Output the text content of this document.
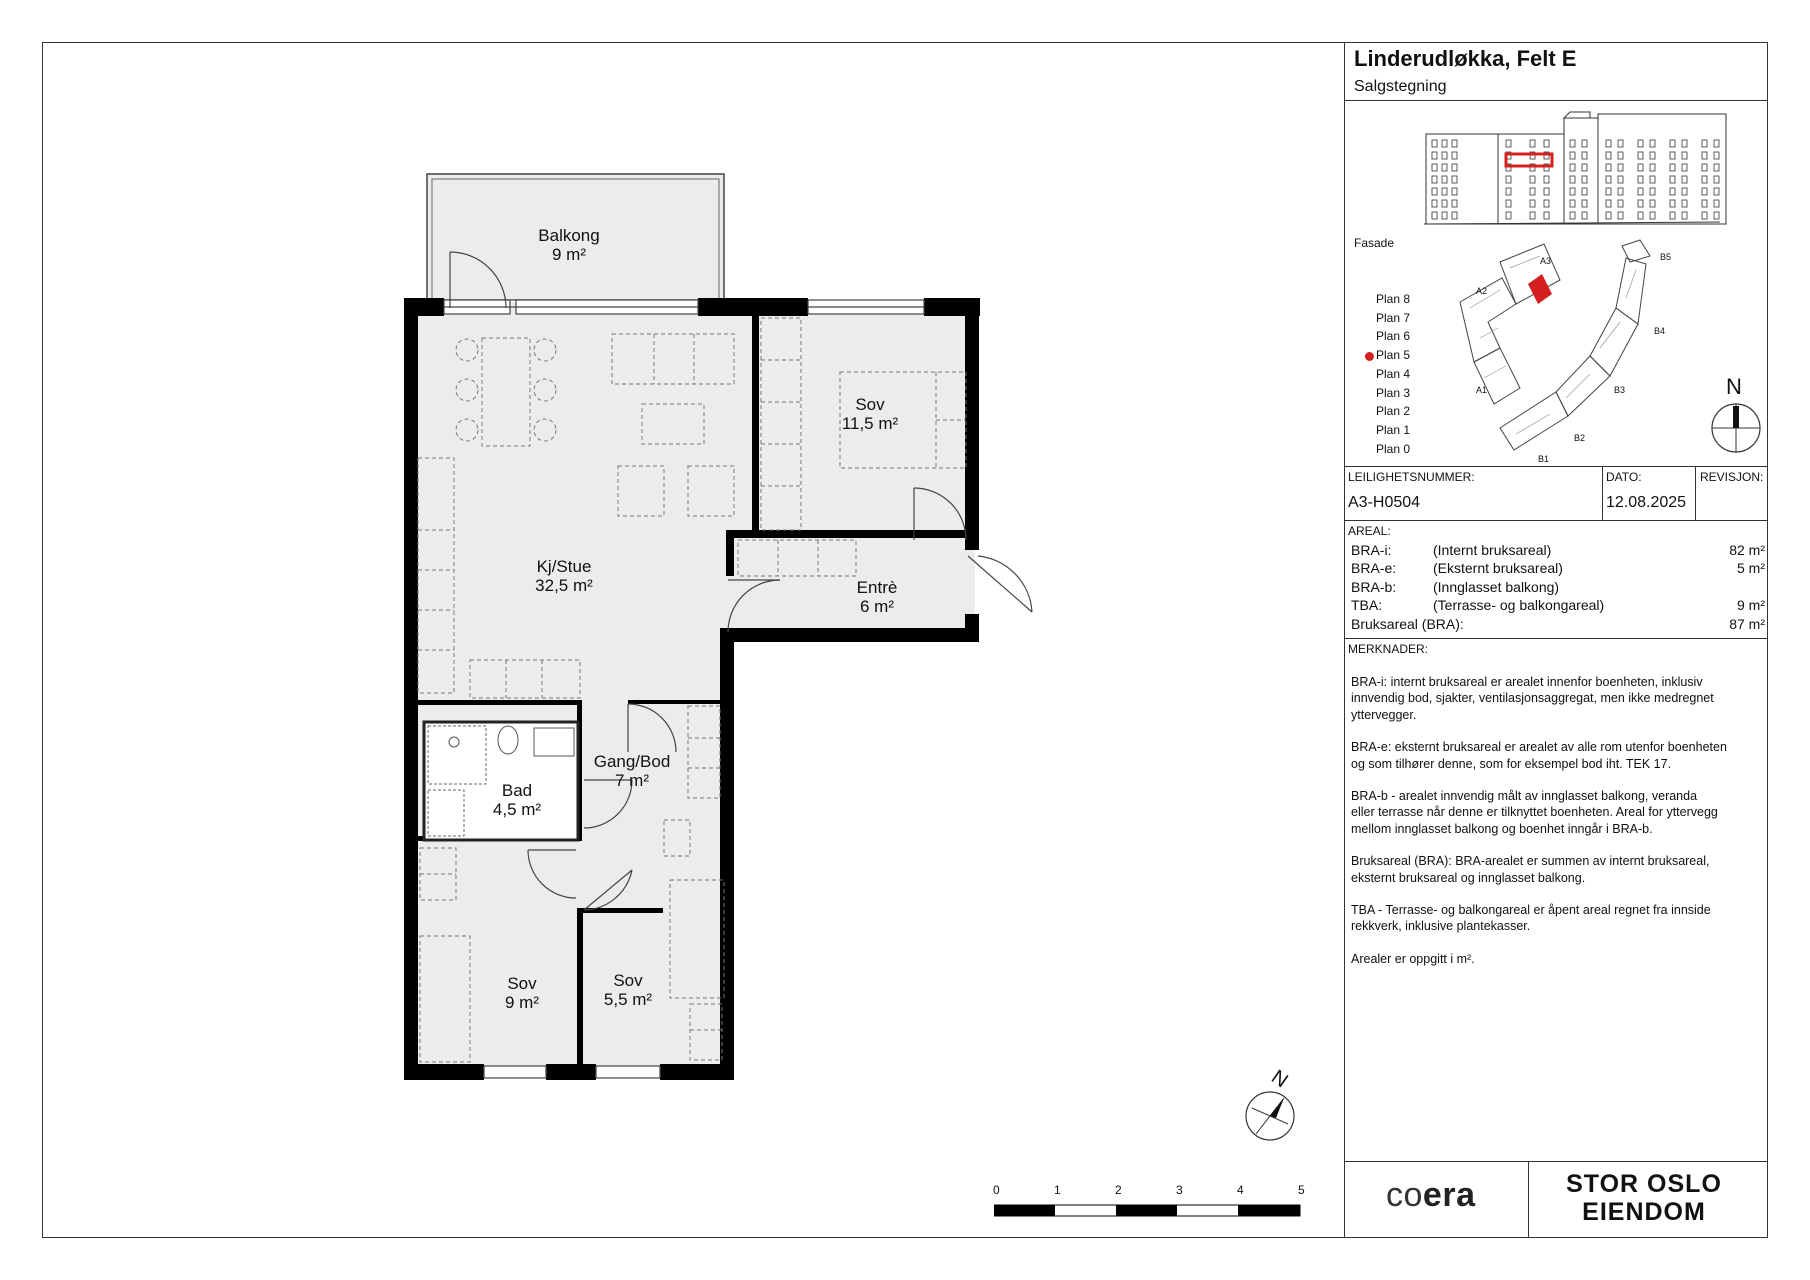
Balkong
9 m²
Kj/Stue
32,5 m²
Sov
11,5 m²
Entrè
6 m²
Bad
4,5 m²
Gang/Bod
7 m²
Sov
9 m²
Sov
5,5 m²
N
0	1	2	3	4	5
Linderudløkka, Felt E
Salgstegning
Fasade
Plan 8
Plan 7
Plan 6
Plan 5
Plan 4
Plan 3
Plan 2
Plan 1
Plan 0
A3
A2
A1
B5
B4
B3
B2
B1
N
LEILIGHETSNUMMER:
A3-H0504
DATO:
12.08.2025
REVISJON:
AREAL:
BRA-i:	(Internt bruksareal)	82 m²
BRA-e:	(Eksternt bruksareal)	5 m²
BRA-b:	(Innglasset balkong)
TBA:	(Terrasse- og balkongareal)	9 m²
Bruksareal (BRA):	87 m²
MERKNADER:
BRA-i: internt bruksareal er arealet innenfor boenheten, inklusiv
innvendig bod, sjakter, ventilasjonsaggregat, men ikke medregnet
yttervegger.
BRA-e: eksternt bruksareal er arealet av alle rom utenfor boenheten
og som tilhører denne, som for eksempel bod iht. TEK 17.
BRA-b - arealet innvendig målt av innglasset balkong, veranda
eller terrasse når denne er tilknyttet boenheten. Areal for yttervegg
mellom innglasset balkong og boenhet inngår i BRA-b.
Bruksareal (BRA): BRA-arealet er summen av internt bruksareal,
eksternt bruksareal og innglasset balkong.
TBA - Terrasse- og balkongareal er åpent areal regnet fra innside
rekkverk, inklusive plantekasser.
Arealer er oppgitt i m².
coera	STOR OSLO
EIENDOM
